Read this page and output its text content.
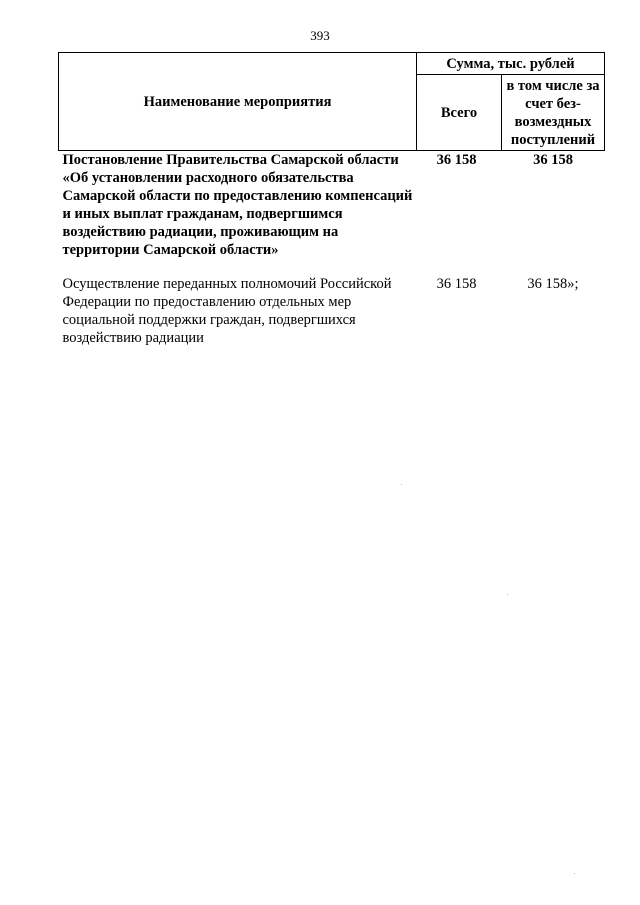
393
Наименование мероприятия	Сумма, тыс. рублей	
	Всего	в том числе за счет без-возмездных поступлений
Постановление Правительства Самарской области «Об установлении расходного обязательства Самарской области по предоставлению компенсаций и иных выплат гражданам, подвергшимся воздействию радиации, проживающим на территории Самарской области»	36 158	36 158
Осуществление переданных полномочий Российской Федерации по предоставлению отдельных мер социальной поддержки граждан, подвергшихся воздействию радиации	36 158	36 158»;
